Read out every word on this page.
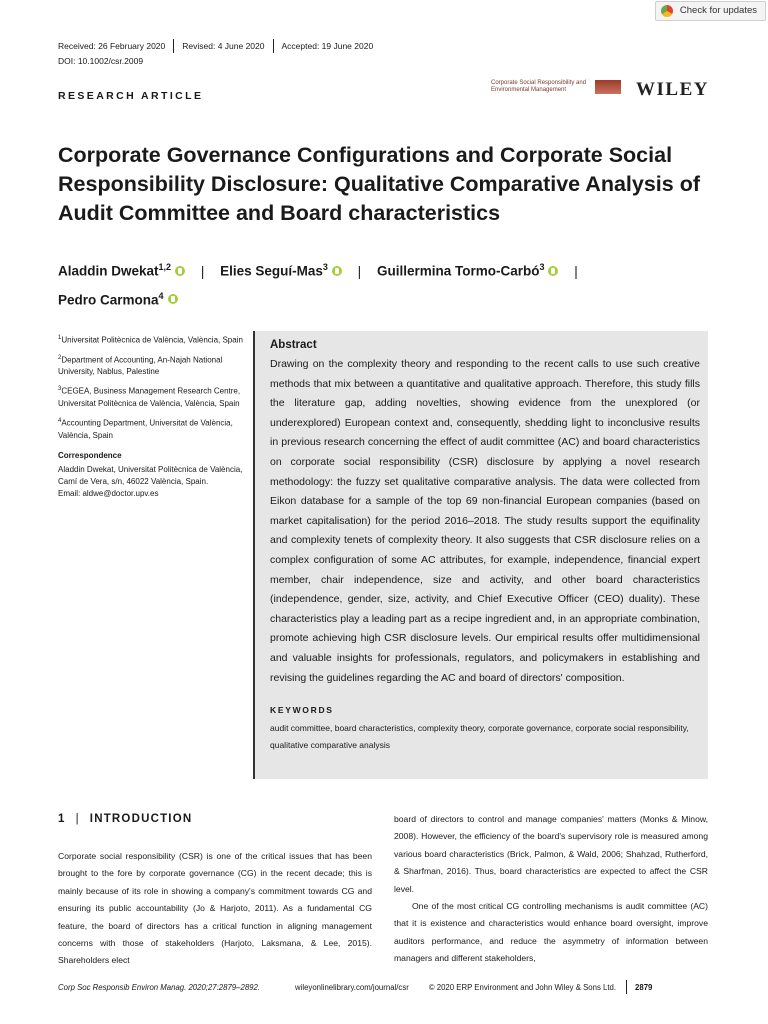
Received: 26 February 2020 Revised: 4 June 2020 Accepted: 19 June 2020
DOI: 10.1002/csr.2009
Check for updates
RESEARCH ARTICLE
Corporate Social Responsibility and Environmental Management	WILEY
Corporate Governance Configurations and Corporate Social Responsibility Disclosure: Qualitative Comparative Analysis of Audit Committee and Board characteristics
Aladdin Dwekat$^{1,2}$ | Elies Seguí-Mas$^3$ | Guillermina Tormo-Carbó$^3$ |
Pedro Carmona$^4$

$^1$Universitat Politècnica de València, València, Spain

$^2$Department of Accounting, An-Najah National University, Nablus, Palestine

$^3$CEGEA, Business Management Research Centre, Universitat Politècnica de València, València, Spain

$^4$Accounting Department, Universitat de València, València, Spain

Correspondence

Aladdin Dwekat, Universitat Politècnica de València, Camí de Vera, s/n, 46022 València, Spain.

Email: aldwe@doctor.upv.es

Abstract

Drawing on the complexity theory and responding to the recent calls to use such creative methods that mix between a quantitative and qualitative approach. Therefore, this study fills the literature gap, adding novelties, showing evidence from the unexplored (or underexplored) European context and, consequently, shedding light to inconclusive results in previous research concerning the effect of audit committee (AC) and board characteristics on corporate social responsibility (CSR) disclosure by applying a novel research methodology: the fuzzy set qualitative comparative analysis. The data were collected from Eikon database for a sample of the top 69 non-financial European companies (based on market capitalisation) for the period 2016–2018. The study results support the equifinality and complexity tenets of complexity theory. It also suggests that CSR disclosure relies on a complex configuration of some AC attributes, for example, independence, financial expert member, chair independence, size and activity, and other board characteristics (independence, gender, size, activity, and Chief Executive Officer (CEO) duality). These characteristics play a leading part as a recipe ingredient and, in an appropriate combination, promote achieving high CSR disclosure levels. Our empirical results offer multidimensional and valuable insights for professionals, regulators, and policymakers in establishing and revising the guidelines regarding the AC and board of directors' composition.

KEYWORDS

audit committee, board characteristics, complexity theory, corporate governance, corporate social responsibility, qualitative comparative analysis

1 | INTRODUCTION

Corporate social responsibility (CSR) is one of the critical issues that has been brought to the fore by corporate governance (CG) in the recent decade; this is mainly because of its role in showing a company's commitment towards CG and ensuring its public accountability (Jo & Harjoto, 2011). As a fundamental CG feature, the board of directors has a critical function in aligning management concerns with those of stakeholders (Harjoto, Laksmana, & Lee, 2015). Shareholders elect

board of directors to control and manage companies' matters (Monks & Minow, 2008). However, the efficiency of the board's supervisory role is measured among various board characteristics (Brick, Palmon, & Wald, 2006; Shahzad, Rutherford, & Sharfman, 2016). Thus, board characteristics are expected to affect the CSR level.

One of the most critical CG controlling mechanisms is audit committee (AC) that it is existence and characteristics would enhance board oversight, improve auditors performance, and reduce the asymmetry of information between managers and different stakeholders,

Corp Soc Responsib Environ Manag. 2020;27:2879–2892.	wileyonlinelibrary.com/journal/csr	© 2020 ERP Environment and John Wiley & Sons Ltd. 2879
